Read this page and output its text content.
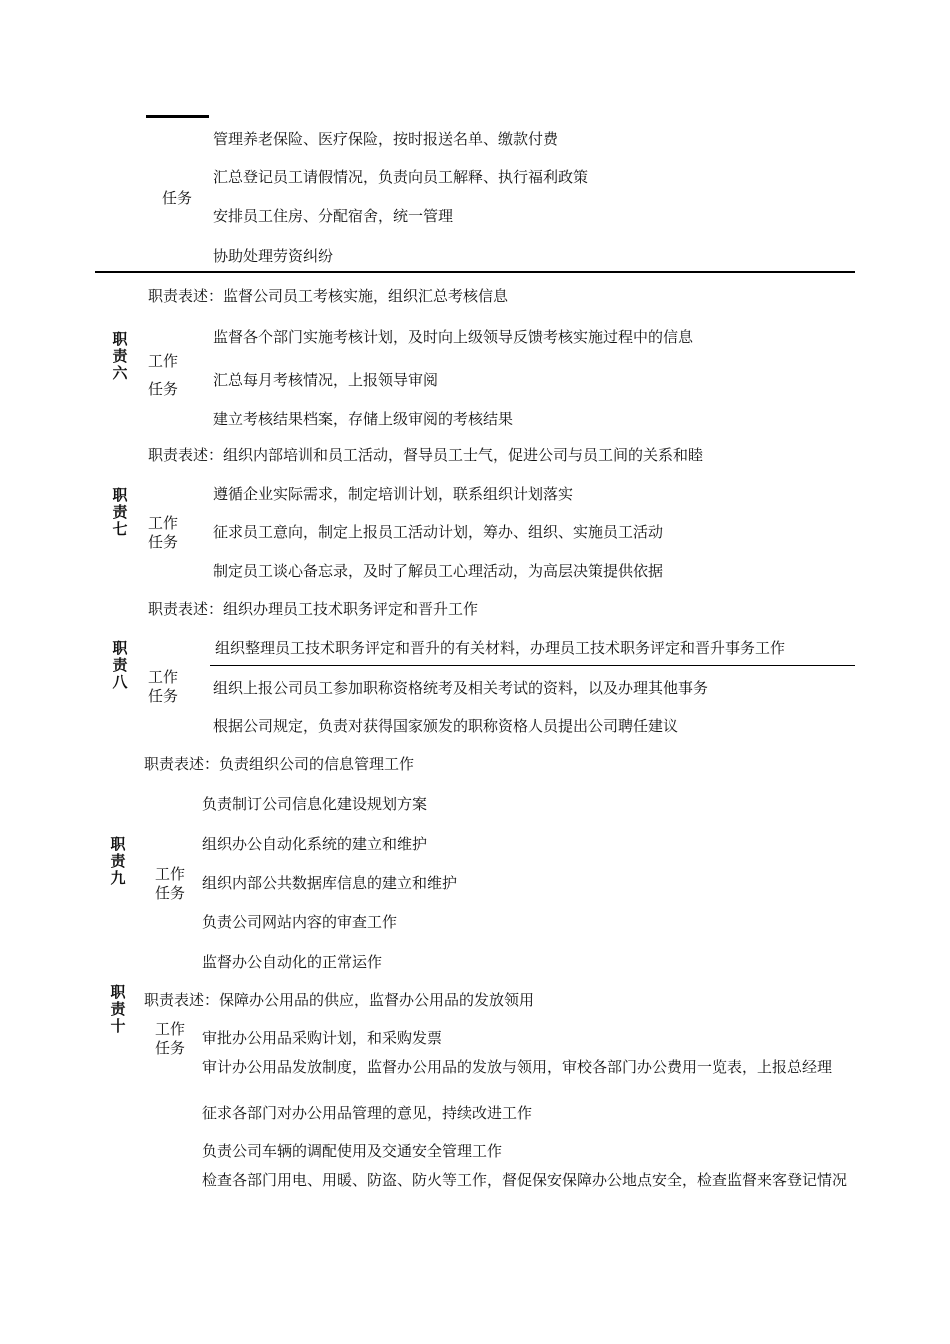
任务
管理养老保险、医疗保险，按时报送名单、缴款付费
汇总登记员工请假情况，负责向员工解释、执行福利政策
安排员工住房、分配宿舍，统一管理
协助处理劳资纠纷
职责表述：监督公司员工考核实施，组织汇总考核信息
职
责
六
工作
任务
监督各个部门实施考核计划，及时向上级领导反馈考核实施过程中的信息
汇总每月考核情况，上报领导审阅
建立考核结果档案，存储上级审阅的考核结果
职责表述：组织内部培训和员工活动，督导员工士气，促进公司与员工间的关系和睦
职
责
七 工作
任务
遵循企业实际需求，制定培训计划，联系组织计划落实
征求员工意向，制定上报员工活动计划，筹办、组织、实施员工活动
制定员工谈心备忘录，及时了解员工心理活动，为高层决策提供依据
职责表述：组织办理员工技术职务评定和晋升工作
职
责
八 工作
任务
组织整理员工技术职务评定和晋升的有关材料，办理员工技术职务评定和晋升事务工作
组织上报公司员工参加职称资格统考及相关考试的资料，以及办理其他事务
根据公司规定，负责对获得国家颁发的职称资格人员提出公司聘任建议
职责表述：负责组织公司的信息管理工作
职
责
九 工作
任务
负责制订公司信息化建设规划方案
组织办公自动化系统的建立和维护
组织内部公共数据库信息的建立和维护
负责公司网站内容的审查工作
监督办公自动化的正常运作
职
责
十
职责表述：保障办公用品的供应，监督办公用品的发放领用
工作
任务
审批办公用品采购计划，和采购发票
审计办公用品发放制度，监督办公用品的发放与领用，审校各部门办公费用一览表，上报总经理
征求各部门对办公用品管理的意见，持续改进工作
负责公司车辆的调配使用及交通安全管理工作
检查各部门用电、用暖、防盗、防火等工作，督促保安保障办公地点安全，检查监督来客登记情况
